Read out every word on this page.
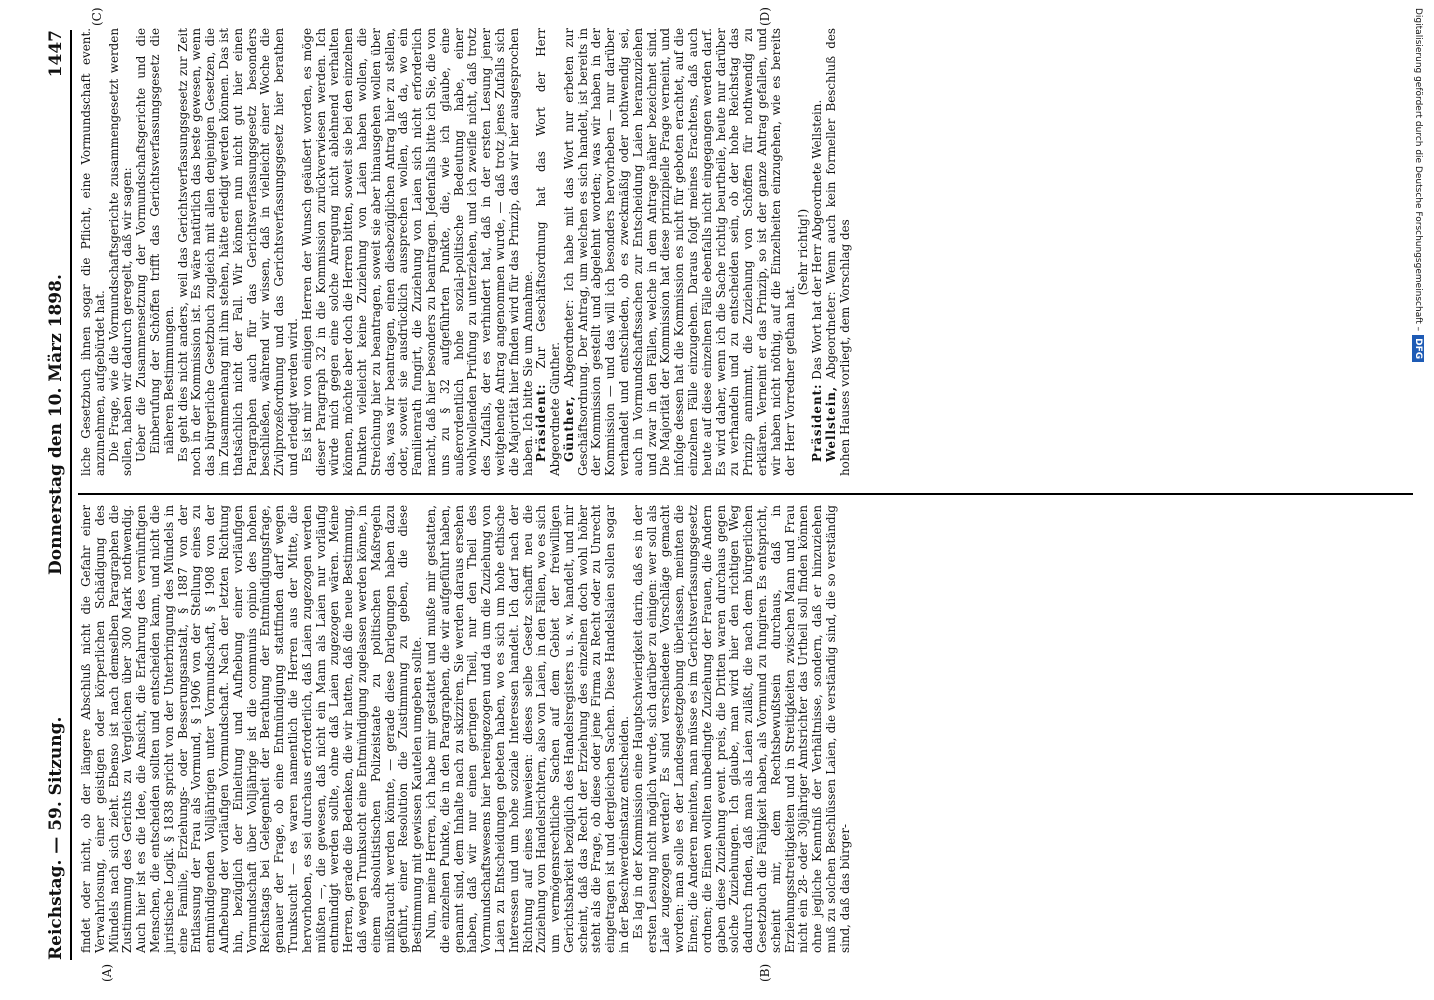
Reichstag. — 59. Sitzung.
Donnerstag den 10. März 1898.
1447
(A)	(B)
(C)	(D)

findet oder nicht, ob der längere Abschluß nicht die Gefahr einer Verwahrlosung, einer geistigen oder körperlichen Schädigung des Mündels nach sich zieht. Ebenso ist nach demselben Paragraphen die Zustimmung des Gerichts zu Vergleichen über 300 Mark nothwendig. Auch hier ist es die Idee, die Ansicht, die Erfahrung des vernünftigen Menschen, die entscheiden sollten und entscheiden kann, und nicht die juristische Logik. § 1838 spricht von der Unterbringung des Mündels in eine Familie, Erziehungs- oder Besserungsanstalt, § 1887 von der Entlassung der Frau als Vormund, § 1906 von der Stellung eines zu entmündigenden Volljährigen unter Vormundschaft, § 1908 von der Aufhebung der vorläufigen Vormundschaft. Nach der letzten Richtung hin, bezüglich der Einleitung und Aufhebung einer vorläufigen Vormundschaft über Volljährige ist die communis opinio des hohen Reichstags bei Gelegenheit der Berathung der Entmündigungsfrage, genauer der Frage, ob eine Entmündigung stattfinden darf wegen Trunksucht — es waren namentlich die Herren aus der Mitte, die hervorhoben, es sei durchaus erforderlich, daß Laien zugezogen werden müßten —, die gewesen, daß nicht ein Mann als Laien nur vorläufig entmündigt werden sollte, ohne daß Laien zugezogen wären. Meine Herren, gerade die Bedenken, die wir hatten, daß die neue Bestimmung, daß wegen Trunksucht eine Entmündigung zugelassen werden könne, in einem absolutistischen Polizeistaate zu politischen Maßregeln mißbraucht werden könnte, — gerade diese Darlegungen haben dazu geführt, einer Resolution die Zustimmung zu geben, die diese Bestimmung mit gewissen Kautelen umgeben sollte. Nun, meine Herren, ich habe mir gestattet und mußte mir gestatten, die einzelnen Punkte, die in den Paragraphen, die wir aufgeführt haben, genannt sind, dem Inhalte nach zu skizziren. Sie werden daraus ersehen haben, daß wir nur einen geringen Theil, nur den Theil des Vormundschaftswesens hier hereingezogen und da um die Zuziehung von Laien zu Entscheidungen gebeten haben, wo es sich um hohe ethische Interessen und um hohe soziale Interessen handelt. Ich darf nach der Richtung auf eines hinweisen: dieses selbe Gesetz schafft neu die Zuziehung von Handelsrichtern, also von Laien, in den Fällen, wo es sich um vermögensrechtliche Sachen auf dem Gebiet der freiwilligen Gerichtsbarkeit bezüglich des Handelsregisters u. s. w. handelt, und mir scheint, daß das Recht der Erziehung des einzelnen doch wohl höher steht als die Frage, ob diese oder jene Firma zu Recht oder zu Unrecht eingetragen ist und dergleichen Sachen. Diese Handelslaien sollen sogar in der Beschwerdeinstanz entscheiden. Es lag in der Kommission eine Hauptschwierigkeit darin, daß es in der ersten Lesung nicht möglich wurde, sich darüber zu einigen: wer soll als Laie zugezogen werden? Es sind verschiedene Vorschläge gemacht worden: man solle es der Landesgesetzgebung überlassen, meinten die Einen; die Anderen meinten, man müsse es im Gerichtsverfassungsgesetz ordnen; die Einen wollten unbedingte Zuziehung der Frauen, die Andern gaben diese Zuziehung event. preis, die Dritten waren durchaus gegen solche Zuziehungen. Ich glaube, man wird hier den richtigen Weg dadurch finden, daß man als Laien zuläßt, die nach dem bürgerlichen Gesetzbuch die Fähigkeit haben, als Vormund zu fungiren. Es entspricht, scheint mir, dem Rechtsbewußtsein durchaus, daß in Erziehungsstreitigkeiten und in Streitigkeiten zwischen Mann und Frau nicht ein 28- oder 30jähriger Amtsrichter das Urtheil soll finden können ohne jegliche Kenntniß der Verhältnisse, sondern, daß er hinzuziehen muß zu solchen Beschlüssen Laien, die verständig sind, die so verständig sind, daß das bürger-

liche Gesetzbuch ihnen sogar die Pflicht, eine Vormundschaft event. anzunehmen, aufgebürdet hat. Die Frage, wie die Vormundschaftsgerichte zusammengesetzt werden sollen, haben wir dadurch geregelt, daß wir sagen: Ueber die Zusammensetzung der Vormundschaftsgerichte und die Einberufung der Schöffen trifft das Gerichtsverfassungsgesetz die näheren Bestimmungen. Es geht dies nicht anders, weil das Gerichtsverfassungsgesetz zur Zeit noch in der Kommission ist. Es wäre natürlich das beste gewesen, wenn das bürgerliche Gesetzbuch zugleich mit allen denjenigen Gesetzen, die im Zusammenhang mit ihm stehen, hätte erledigt werden können. Das ist thatsächlich nicht der Fall. Wir können nun nicht gut hier einen Paragraphen auch für das Gerichtsverfassungsgesetz besonders beschließen, während wir wissen, daß in vielleicht einer Woche die Zivilprozeßordnung und das Gerichtsverfassungsgesetz hier berathen und erledigt werden wird. Es ist mir von einigen Herren der Wunsch geäußert worden, es möge dieser Paragraph 32 in die Kommission zurückverwiesen werden. Ich würde mich gegen eine solche Anregung nicht ablehnend verhalten können, möchte aber doch die Herren bitten, soweit sie bei den einzelnen Punkten vielleicht keine Zuziehung von Laien haben wollen, die Streichung hier zu beantragen, soweit sie aber hinausgehen wollen über das, was wir beantragen, einen diesbezüglichen Antrag hier zu stellen, oder, soweit sie ausdrücklich aussprechen wollen, daß da, wo ein Familienrath fungirt, die Zuziehung von Laien sich nicht erforderlich macht, daß hier besonders zu beantragen. Jedenfalls bitte ich Sie, die von uns zu § 32 aufgeführten Punkte, die, wie ich glaube, eine außerordentlich hohe sozial-politische Bedeutung habe, einer wohlwollenden Prüfung zu unterziehen, und ich zweifle nicht, daß trotz des Zufalls, der es verhindert hat, daß in der ersten Lesung jener weitgehende Antrag angenommen wurde, — daß trotz jenes Zufalls sich die Majorität hier finden wird für das Prinzip, das wir hier ausgesprochen haben. Ich bitte Sie um Annahme. Präsident: Zur Geschäftsordnung hat das Wort der Herr Abgeordnete Günther. Günther, Abgeordneter: Ich habe mit das Wort nur erbeten zur Geschäftsordnung. Der Antrag, um welchen es sich handelt, ist bereits in der Kommission gestellt und abgelehnt worden; was wir haben in der Kommission — und das will ich besonders hervorheben — nur darüber verhandelt und entschieden, ob es zweckmäßig oder nothwendig sei, auch in Vormundschaftssachen zur Entscheidung Laien heranzuziehen und zwar in den Fällen, welche in dem Antrage näher bezeichnet sind. Die Majorität der Kommission hat diese prinzipielle Frage verneint, und infolge dessen hat die Kommission es nicht für geboten erachtet, auf die einzelnen Fälle einzugehen. Daraus folgt meines Erachtens, daß auch heute auf diese einzelnen Fälle ebenfalls nicht eingegangen werden darf. Es wird daher, wenn ich die Sache richtig beurtheile, heute nur darüber zu verhandeln und zu entscheiden sein, ob der hohe Reichstag das Prinzip annimmt, die Zuziehung von Schöffen für nothwendig zu erklären. Verneint er das Prinzip, so ist der ganze Antrag gefallen, und wir haben nicht nöthig, auf die Einzelheiten einzugehen, wie es bereits der Herr Vorredner gethan hat.

(Sehr richtig!)

Präsident: Das Wort hat der Herr Abgeordnete Wellstein.

Wellstein, Abgeordneter: Wenn auch kein formeller Beschluß des hohen Hauses vorliegt, dem Vorschlag des

Digitalisierung gefördert durch die Deutsche Forschungsgemeinschaft –DFG
